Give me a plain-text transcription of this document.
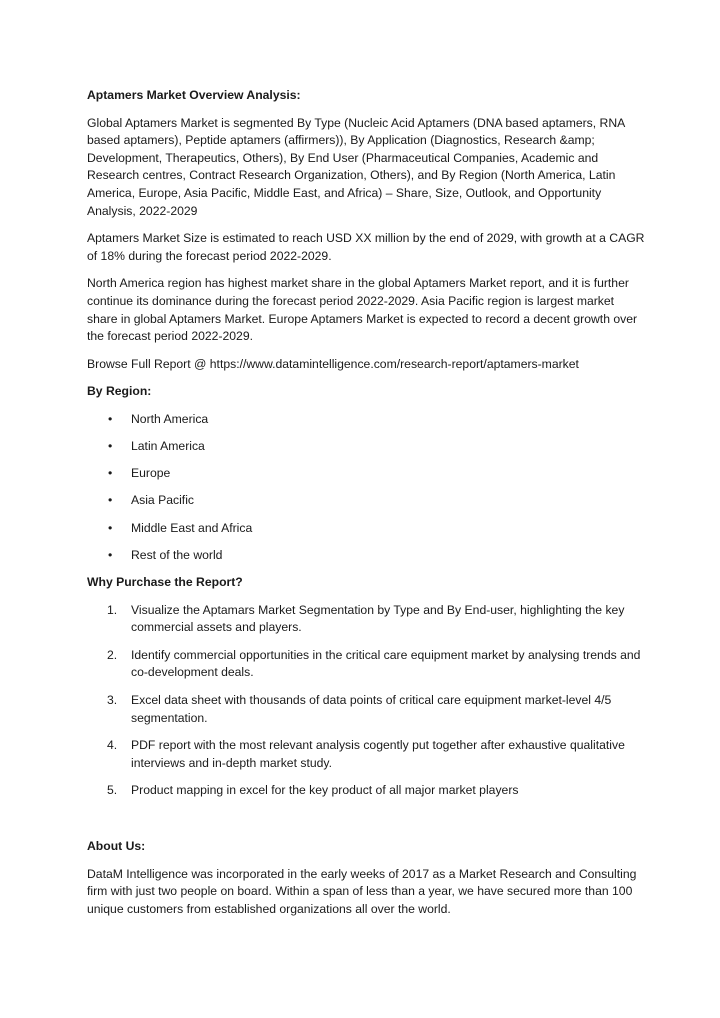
Aptamers Market Overview Analysis:

Global Aptamers Market is segmented By Type (Nucleic Acid Aptamers (DNA based aptamers, RNA based aptamers), Peptide aptamers (affirmers)), By Application (Diagnostics, Research &amp; Development, Therapeutics, Others), By End User (Pharmaceutical Companies, Academic and Research centres, Contract Research Organization, Others), and By Region (North America, Latin America, Europe, Asia Pacific, Middle East, and Africa) – Share, Size, Outlook, and Opportunity Analysis, 2022-2029

Aptamers Market Size is estimated to reach USD XX million by the end of 2029, with growth at a CAGR of 18% during the forecast period 2022-2029.

North America region has highest market share in the global Aptamers Market report, and it is further continue its dominance during the forecast period 2022-2029. Asia Pacific region is largest market share in global Aptamers Market. Europe Aptamers Market is expected to record a decent growth over the forecast period 2022-2029.

Browse Full Report @ https://www.datamintelligence.com/research-report/aptamers-market

By Region:
• North America
• Latin America
• Europe
• Asia Pacific
• Middle East and Africa
• Rest of the world
Why Purchase the Report?
1. Visualize the Aptamars Market Segmentation by Type and By End-user, highlighting the key commercial assets and players.
2. Identify commercial opportunities in the critical care equipment market by analysing trends and co-development deals.
3. Excel data sheet with thousands of data points of critical care equipment market-level 4/5 segmentation.
4. PDF report with the most relevant analysis cogently put together after exhaustive qualitative interviews and in-depth market study.
5. Product mapping in excel for the key product of all major market players
About Us:

DataM Intelligence was incorporated in the early weeks of 2017 as a Market Research and Consulting firm with just two people on board. Within a span of less than a year, we have secured more than 100 unique customers from established organizations all over the world.
